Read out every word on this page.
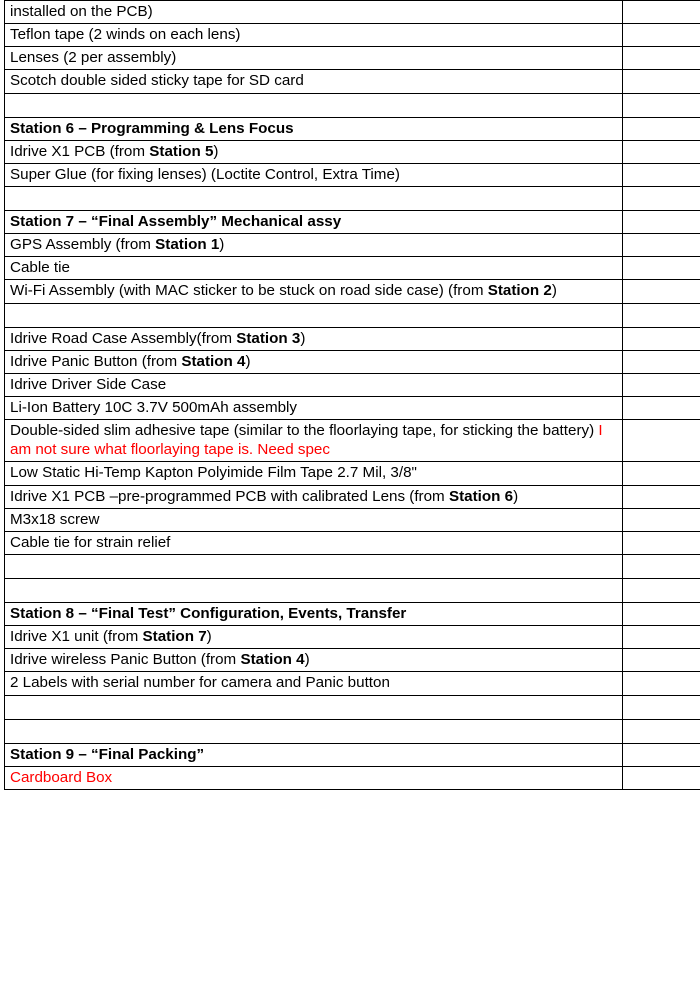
installed on the PCB)	
Teflon tape (2 winds on each lens)	
Lenses (2 per assembly)	
Scotch double sided sticky tape for SD card	

Station 6 – Programming & Lens Focus	
Idrive X1 PCB (from Station 5)	
Super Glue (for fixing lenses) (Loctite Control, Extra Time)	

Station 7 – “Final Assembly” Mechanical assy	
GPS Assembly (from Station 1)	
Cable tie	
Wi-Fi Assembly (with MAC sticker to be stuck on road side case) (from Station 2)	

Idrive Road Case Assembly(from Station 3)	
Idrive Panic Button (from Station 4)	
Idrive Driver Side Case	
Li-Ion Battery 10C 3.7V 500mAh assembly	
Double-sided slim adhesive tape (similar to the floorlaying tape, for sticking the battery) I am not sure what floorlaying tape is. Need spec	
Low Static Hi-Temp Kapton Polyimide Film Tape 2.7 Mil, 3/8"	
Idrive X1 PCB –pre-programmed PCB with calibrated Lens (from Station 6)	
M3x18 screw	
Cable tie for strain relief	

Station 8 – “Final Test” Configuration, Events, Transfer	
Idrive X1 unit (from Station 7)	
Idrive wireless Panic Button (from Station 4)	
2 Labels with serial number for camera and Panic button	

Station 9 – “Final Packing”	
Cardboard Box	
